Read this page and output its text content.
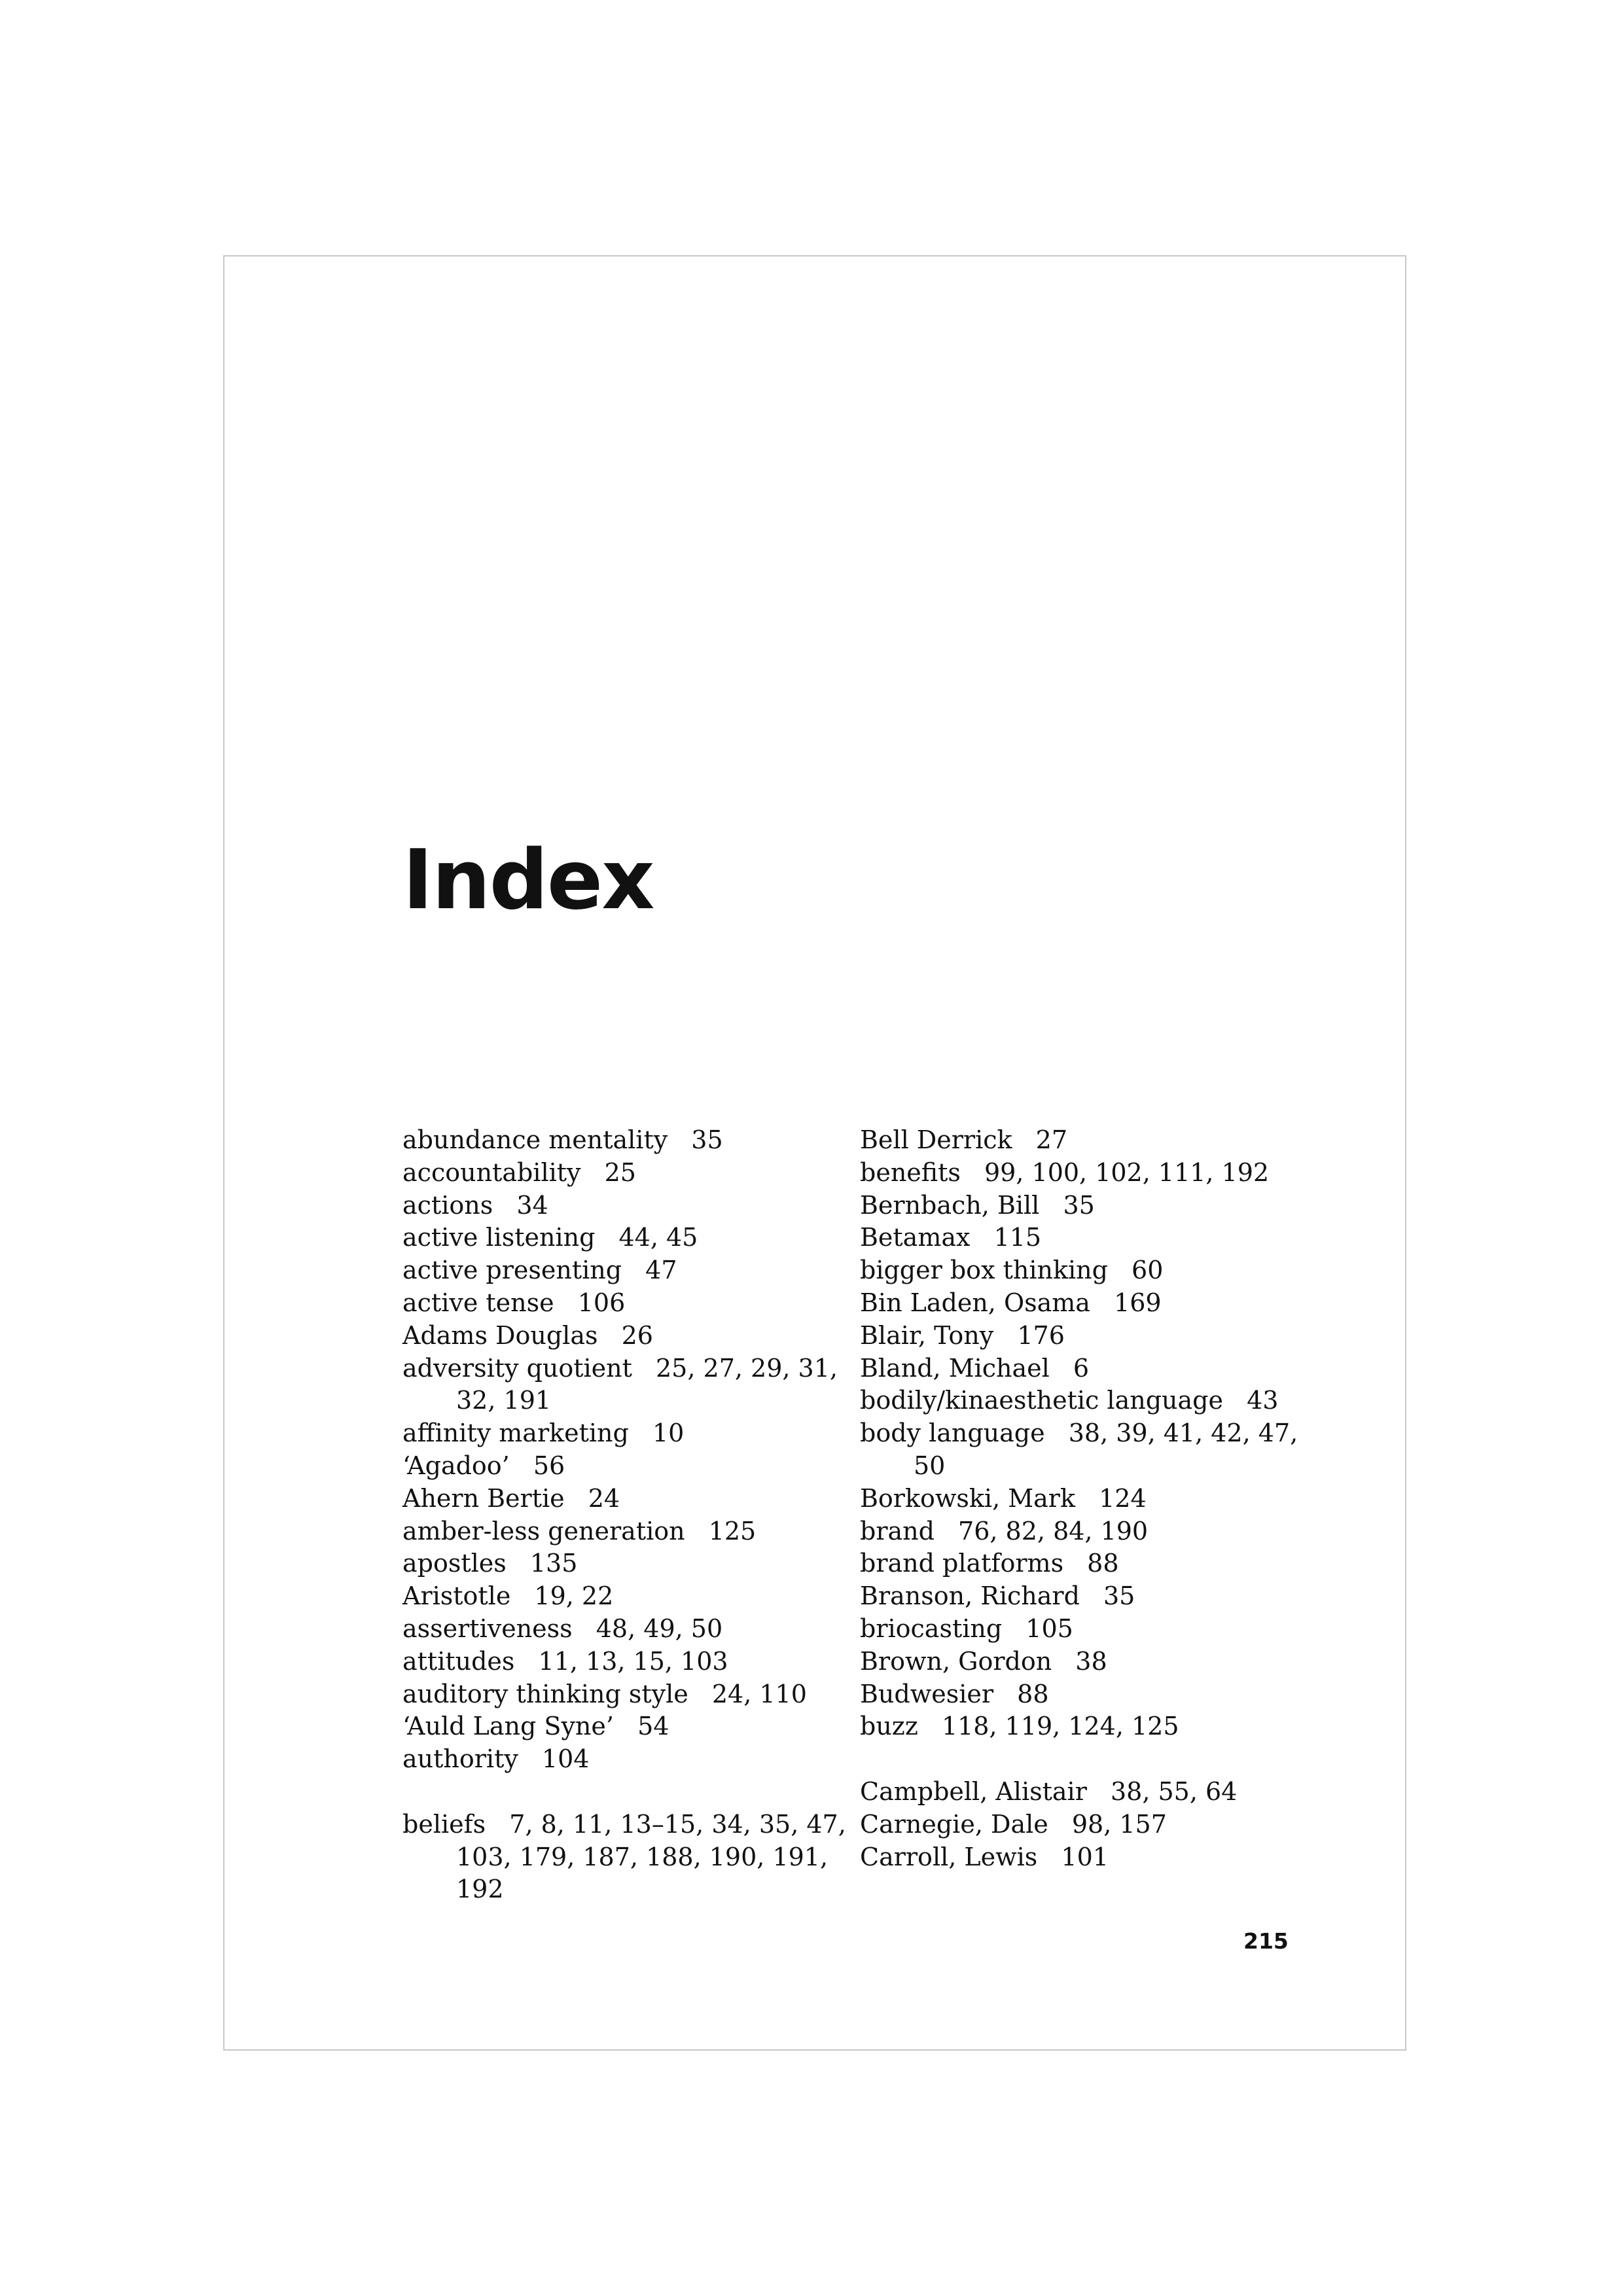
Index
abundance mentality 35
accountability 25
actions 34
active listening 44, 45
active presenting 47
active tense 106
Adams Douglas 26
adversity quotient 25, 27, 29, 31, 32, 191
affinity marketing 10
‘Agadoo’ 56
Ahern Bertie 24
amber-less generation 125
apostles 135
Aristotle 19, 22
assertiveness 48, 49, 50
attitudes 11, 13, 15, 103
auditory thinking style 24, 110
‘Auld Lang Syne’ 54
authority 104
beliefs 7, 8, 11, 13–15, 34, 35, 47, 103, 179, 187, 188, 190, 191, 192
Bell Derrick 27
benefits 99, 100, 102, 111, 192
Bernbach, Bill 35
Betamax 115
bigger box thinking 60
Bin Laden, Osama 169
Blair, Tony 176
Bland, Michael 6
bodily/kinaesthetic language 43
body language 38, 39, 41, 42, 47, 50
Borkowski, Mark 124
brand 76, 82, 84, 190
brand platforms 88
Branson, Richard 35
briocasting 105
Brown, Gordon 38
Budwesier 88
buzz 118, 119, 124, 125
Campbell, Alistair 38, 55, 64
Carnegie, Dale 98, 157
Carroll, Lewis 101
215
